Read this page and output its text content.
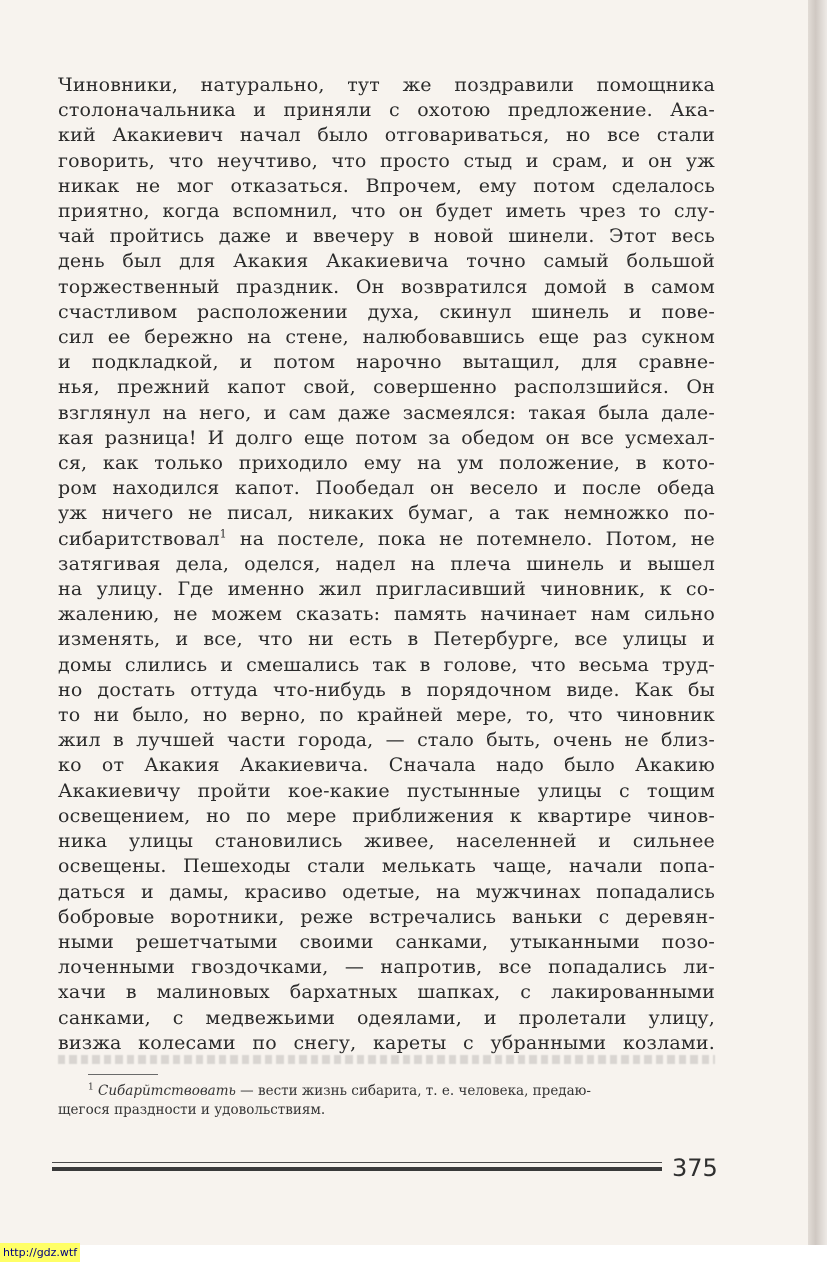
Чиновники, натурально, тут же поздравили помощника
столоначальника и приняли с охотою предложение. Ака-
кий Акакиевич начал было отговариваться, но все стали
говорить, что неучтиво, что просто стыд и срам, и он уж
никак не мог отказаться. Впрочем, ему потом сделалось
приятно, когда вспомнил, что он будет иметь чрез то слу-
чай пройтись даже и ввечеру в новой шинели. Этот весь
день был для Акакия Акакиевича точно самый большой
торжественный праздник. Он возвратился домой в самом
счастливом расположении духа, скинул шинель и пове-
сил ее бережно на стене, налюбовавшись еще раз сукном
и подкладкой, и потом нарочно вытащил, для сравне-
нья, прежний капот свой, совершенно расползшийся. Он
взглянул на него, и сам даже засмеялся: такая была дале-
кая разница! И долго еще потом за обедом он все усмехал-
ся, как только приходило ему на ум положение, в кото-
ром находился капот. Пообедал он весело и после обеда
уж ничего не писал, никаких бумаг, а так немножко по-
сибаритствовал$^1$ на постеле, пока не потемнело. Потом, не
затягивая дела, оделся, надел на плеча шинель и вышел
на улицу. Где именно жил пригласивший чиновник, к со-
жалению, не можем сказать: память начинает нам сильно
изменять, и все, что ни есть в Петербурге, все улицы и
домы слились и смешались так в голове, что весьма труд-
но достать оттуда что-нибудь в порядочном виде. Как бы
то ни было, но верно, по крайней мере, то, что чиновник
жил в лучшей части города, — стало быть, очень не близ-
ко от Акакия Акакиевича. Сначала надо было Акакию
Акакиевичу пройти кое-какие пустынные улицы с тощим
освещением, но по мере приближения к квартире чинов-
ника улицы становились живее, населенней и сильнее
освещены. Пешеходы стали мелькать чаще, начали попа-
даться и дамы, красиво одетые, на мужчинах попадались
бобровые воротники, реже встречались ваньки с деревян-
ными решетчатыми своими санками, утыканными позо-
лоченными гвоздочками, — напротив, все попадались ли-
хачи в малиновых бархатных шапках, с лакированными
санками, с медвежьими одеялами, и пролетали улицу,
визжа колесами по снегу, кареты с убранными козлами.
$^1$ Сибарйтствовать — вести жизнь сибарита, т. е. человека, предаю-
щегося праздности и удовольствиям.
375
http://gdz.wtf
